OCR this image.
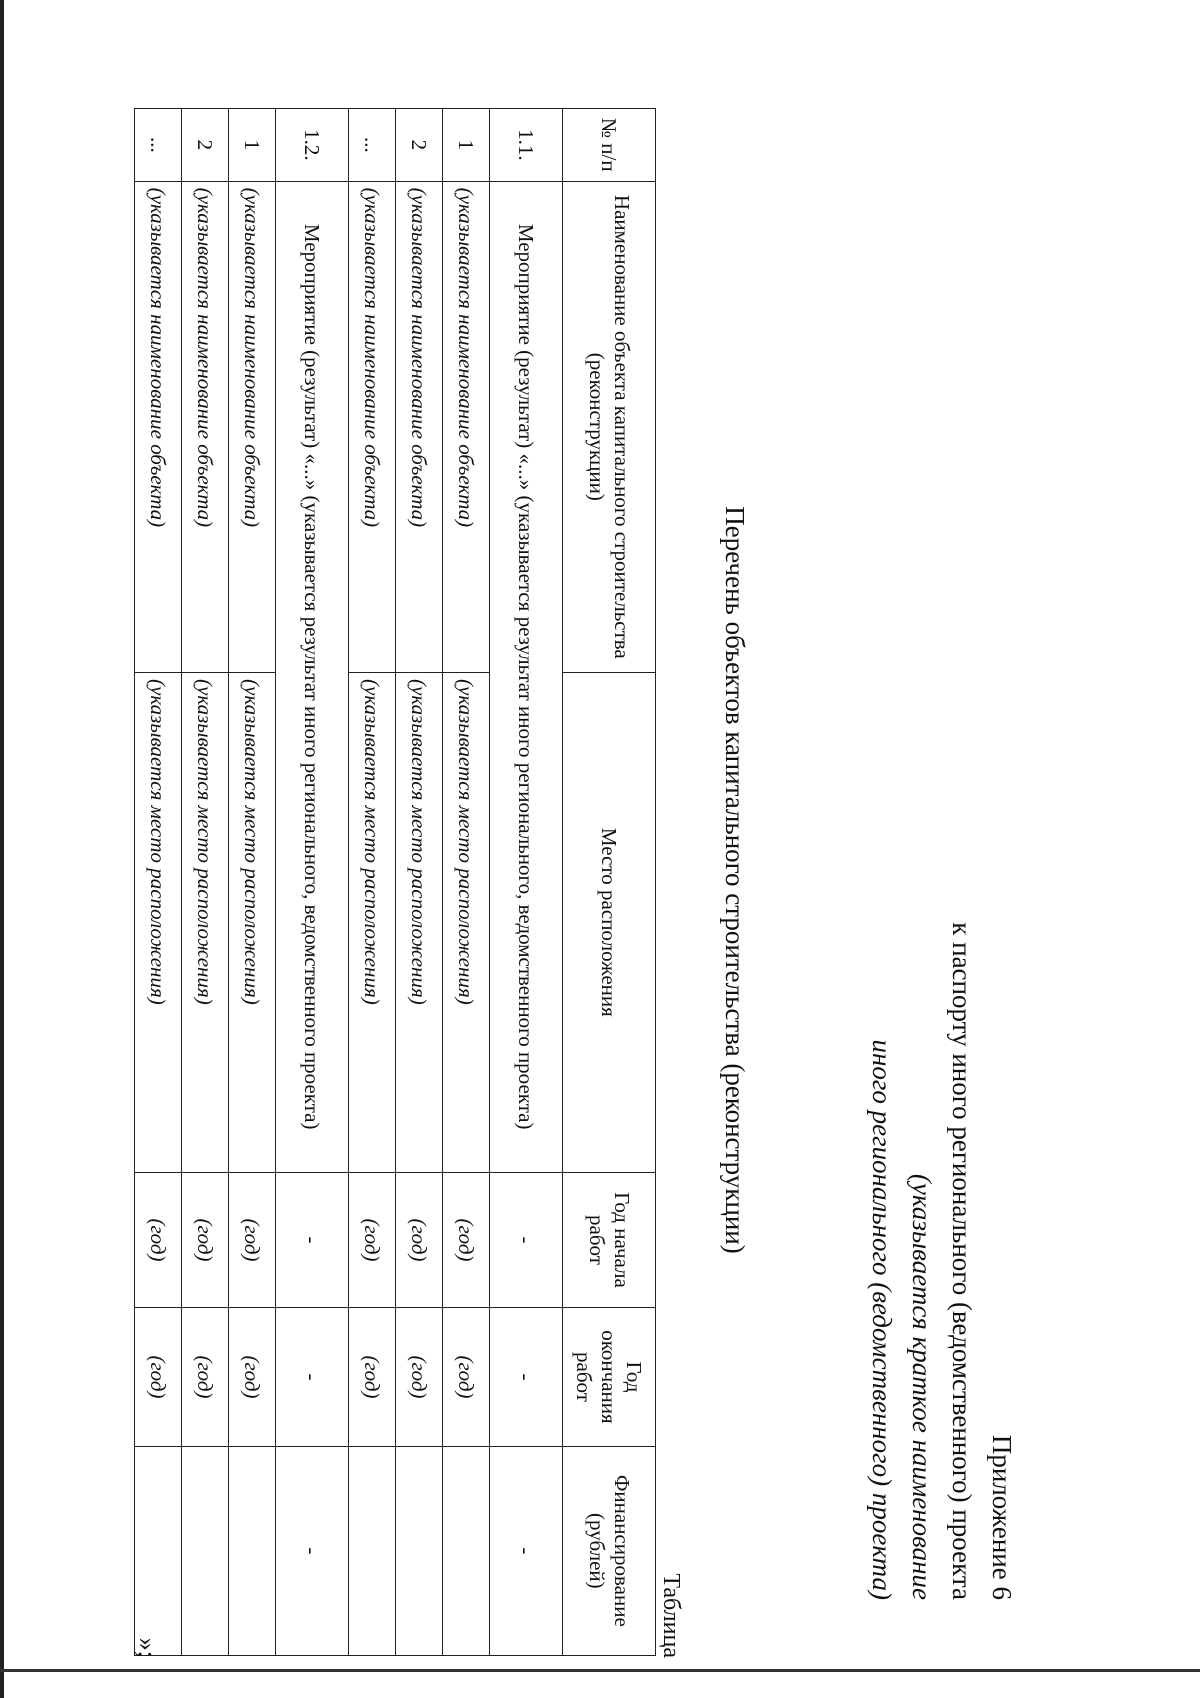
Приложение 6
к паспорту иного регионального (ведомственного) проекта
(указывается краткое наименование
иного регионального (ведомственного) проекта)
Перечень объектов капитального строительства (реконструкции)
Таблица
№ п/п	Наименование объекта капитального строительства (реконструкции)	Место расположения	Год начала работ	Год окончания работ	Финансирование (рублей)
1.1.	Мероприятие (результат) «...» (указывается результат иного регионального, ведомственного проекта)		-	-	-
1	(указывается наименование объекта)	(указывается место расположения)	(год)	(год)	
2	(указывается наименование объекта)	(указывается место расположения)	(год)	(год)	
...	(указывается наименование объекта)	(указывается место расположения)	(год)	(год)	
1.2.	Мероприятие (результат) «...» (указывается результат иного регионального, ведомственного проекта)		-	-	-
1	(указывается наименование объекта)	(указывается место расположения)	(год)	(год)	
2	(указывается наименование объекта)	(указывается место расположения)	(год)	(год)	
...	(указывается наименование объекта)	(указывается место расположения)	(год)	(год)	
»;
